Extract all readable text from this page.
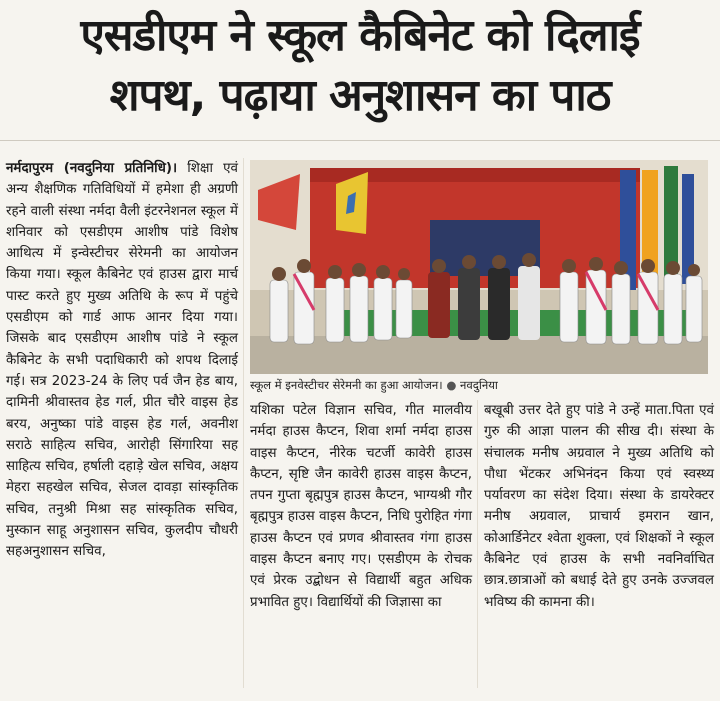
एसडीएम ने स्कूल कैबिनेट को दिलाई
शपथ, पढ़ाया अनुशासन का पाठ
नर्मदापुरम (नवदुनिया प्रतिनिधि)। शिक्षा एवं अन्य शैक्षणिक गतिविधियों में हमेशा ही अग्रणी रहने वाली संस्था नर्मदा वैली इंटरनेशनल स्कूल में शनिवार को एसडीएम आशीष पांडे विशेष आथित्य में इन्वेस्टीचर सेरेमनी का आयोजन किया गया। स्कूल कैबिनेट एवं हाउस द्वारा मार्च पास्ट करते हुए मुख्य अतिथि के रूप में पहुंचे एसडीएम को गार्ड आफ आनर दिया गया। जिसके बाद एसडीएम आशीष पांडे ने स्कूल कैबिनेट के सभी पदाधिकारी को शपथ दिलाई गई। सत्र 2023-24 के लिए पर्व जैन हेड बाय, दामिनी श्रीवास्तव हेड गर्ल, प्रीत चौरे वाइस हेड बरय, अनुष्का पांडे वाइस हेड गर्ल, अवनीश सराठे साहित्य सचिव, आरोही सिंगारिया सह साहित्य सचिव, हर्षाली दहाड़े खेल सचिव, अक्षय मेहरा सहखेल सचिव, सेजल दावड़ा सांस्कृतिक सचिव, तनुश्री मिश्रा सह सांस्कृतिक सचिव, मुस्कान साहू अनुशासन सचिव, कुलदीप चौधरी सहअनुशासन सचिव,
स्कूल में इनवेस्टीचर सेरेमनी का हुआ आयोजन। ● नवदुनिया
यशिका पटेल विज्ञान सचिव, गीत मालवीय नर्मदा हाउस कैप्टन, शिवा शर्मा नर्मदा हाउस वाइस कैप्टन, नीरेक चटर्जी कावेरी हाउस कैप्टन, सृष्टि जैन कावेरी हाउस वाइस कैप्टन, तपन गुप्ता बृह्मपुत्र हाउस कैप्टन, भाग्यश्री गौर बृह्मपुत्र हाउस वाइस कैप्टन, निधि पुरोहित गंगा हाउस कैप्टन एवं प्रणव श्रीवास्तव गंगा हाउस वाइस कैप्टन बनाए गए। एसडीएम के रोचक एवं प्रेरक उद्बोधन से विद्यार्थी बहुत अधिक प्रभावित हुए। विद्यार्थियों की जिज्ञासा का
बखूबी उत्तर देते हुए पांडे ने उन्हें माता.पिता एवं गुरु की आज्ञा पालन की सीख दी। संस्था के संचालक मनीष अग्रवाल ने मुख्य अतिथि को पौधा भेंटकर अभिनंदन किया एवं स्वस्थ्य पर्यावरण का संदेश दिया। संस्था के डायरेक्टर मनीष अग्रवाल, प्राचार्य इमरान खान, कोआर्डिनेटर श्वेता शुक्ला, एवं शिक्षकों ने स्कूल कैबिनेट एवं हाउस के सभी नवनिर्वाचित छात्र.छात्राओं को बधाई देते हुए उनके उज्जवल भविष्य की कामना की।
